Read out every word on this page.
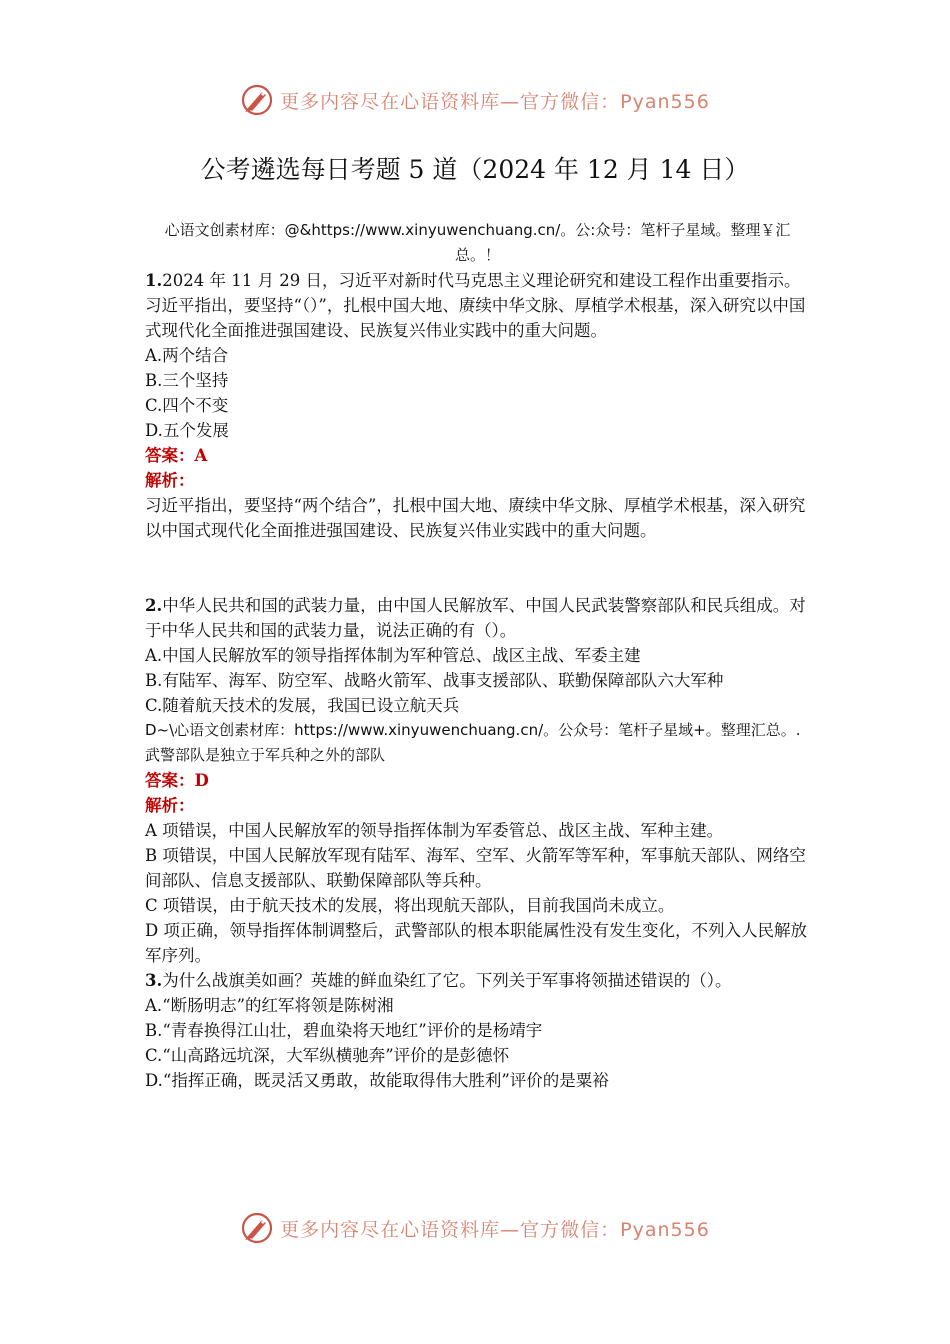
更多内容尽在心语资料库—官方微信：Pyan556
公考遴选每日考题 5 道（2024 年 12 月 14 日）
心语文创素材库：@&https://www.xinyuwenchuang.cn/。公:众号：笔杆子星域。整理￥汇总。！

1.2024 年 11 月 29 日，习近平对新时代马克思主义理论研究和建设工程作出重要指示。习近平指出，要坚持“（）”，扎根中国大地、赓续中华文脉、厚植学术根基，深入研究以中国式现代化全面推进强国建设、民族复兴伟业实践中的重大问题。

A.两个结合

B.三个坚持

C.四个不变

D.五个发展

答案：A

解析：

习近平指出，要坚持“两个结合”，扎根中国大地、赓续中华文脉、厚植学术根基，深入研究以中国式现代化全面推进强国建设、民族复兴伟业实践中的重大问题。

2.中华人民共和国的武装力量，由中国人民解放军、中国人民武装警察部队和民兵组成。对于中华人民共和国的武装力量，说法正确的有（）。

A.中国人民解放军的领导指挥体制为军种管总、战区主战、军委主建

B.有陆军、海军、防空军、战略火箭军、战事支援部队、联勤保障部队六大军种

C.随着航天技术的发展，我国已设立航天兵

D~\心语文创素材库：https://www.xinyuwenchuang.cn/。公众号：笔杆子星域+。整理汇总。.武警部队是独立于军兵种之外的部队

答案：D

解析：

A 项错误，中国人民解放军的领导指挥体制为军委管总、战区主战、军种主建。

B 项错误，中国人民解放军现有陆军、海军、空军、火箭军等军种，军事航天部队、网络空间部队、信息支援部队、联勤保障部队等兵种。

C 项错误，由于航天技术的发展，将出现航天部队，目前我国尚未成立。

D 项正确，领导指挥体制调整后，武警部队的根本职能属性没有发生变化，不列入人民解放军序列。

3.为什么战旗美如画？英雄的鲜血染红了它。下列关于军事将领描述错误的（）。

A.“断肠明志”的红军将领是陈树湘

B.“青春换得江山壮，碧血染将天地红”评价的是杨靖宇

C.“山高路远坑深，大军纵横驰奔”评价的是彭德怀

D.“指挥正确，既灵活又勇敢，故能取得伟大胜利”评价的是粟裕

更多内容尽在心语资料库—官方微信：Pyan556
